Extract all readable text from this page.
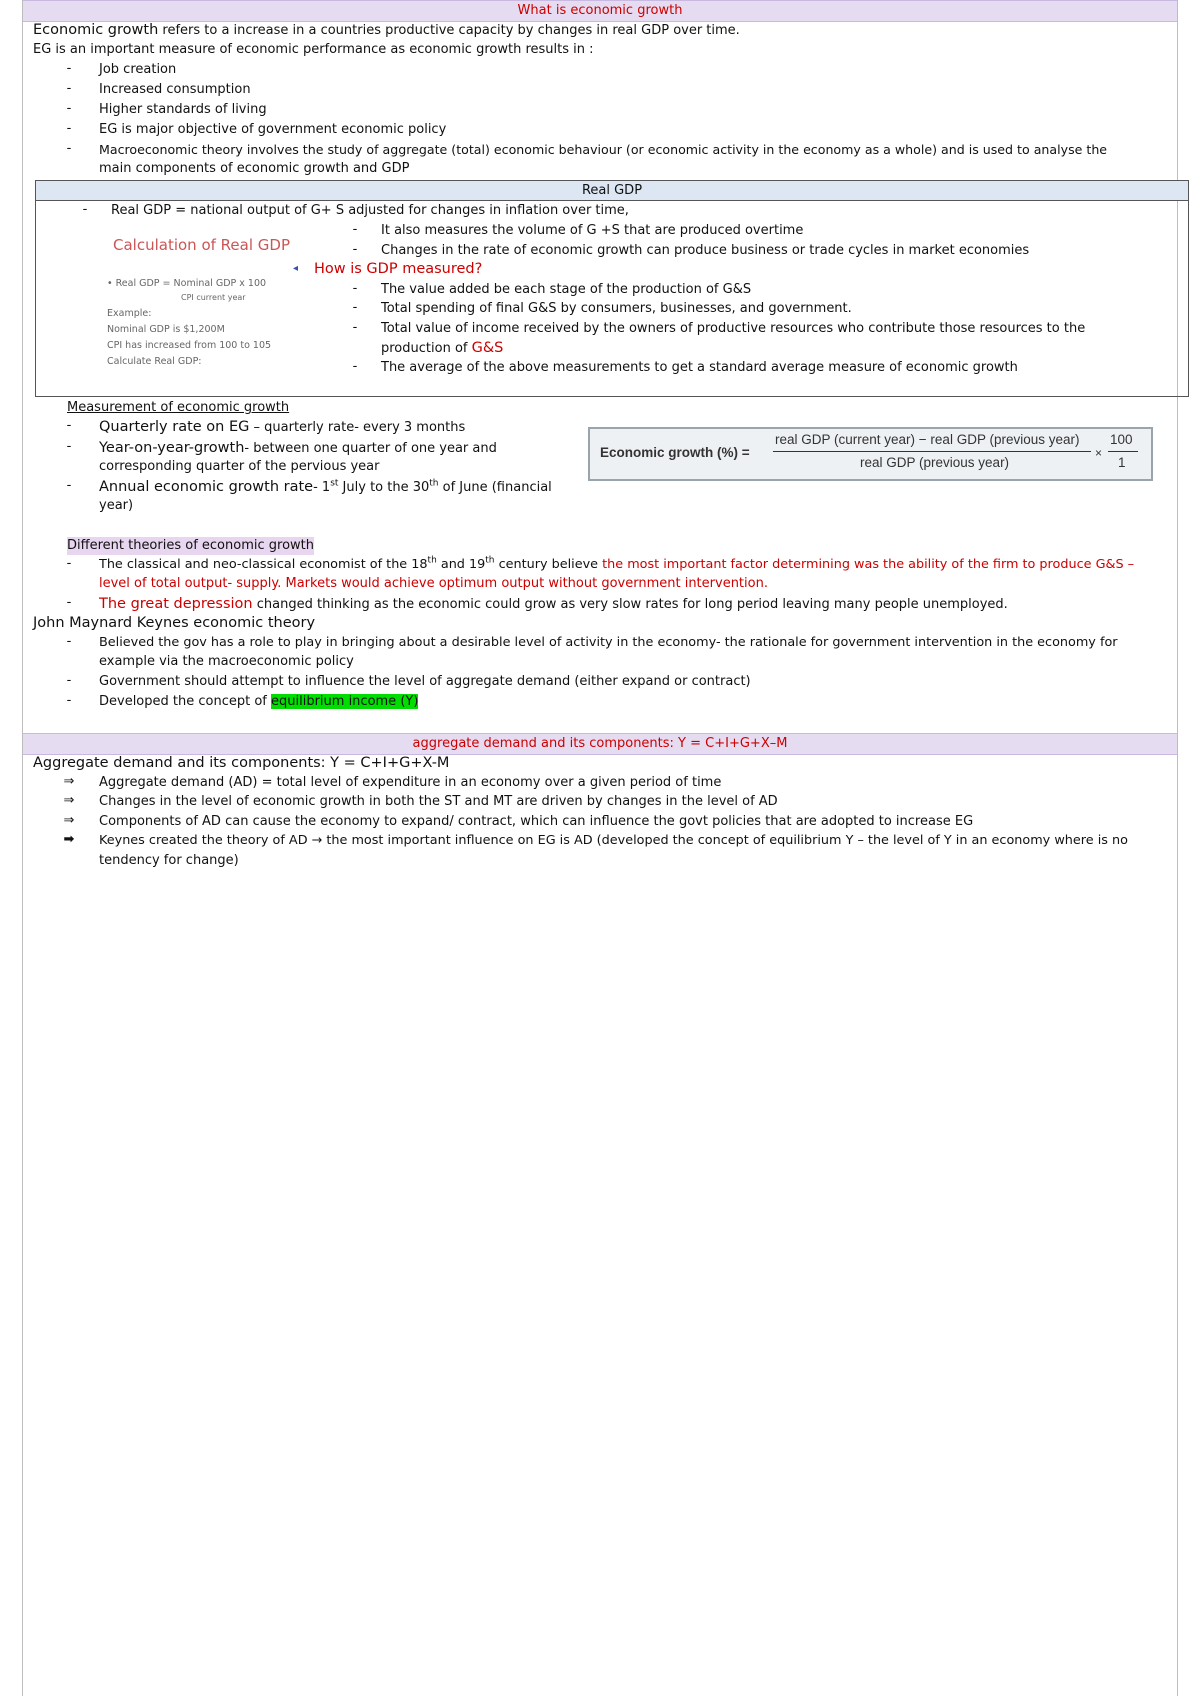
What is economic growth
Economic growth refers to a increase in a countries productive capacity by changes in real GDP over time.
EG is an important measure of economic performance as economic growth results in :
- Job creation
- Increased consumption
- Higher standards of living
- EG is major objective of government economic policy
- Macroeconomic theory involves the study of aggregate (total) economic behaviour (or economic activity in the economy as a whole) and is used to analyse the
main components of economic growth and GDP
Real GDP
- Real GDP = national output of G+ S adjusted for changes in inflation over time,
- It also measures the volume of G +S that are produced overtime
- Changes in the rate of economic growth can produce business or trade cycles in market economies
◂ How is GDP measured?
- The value added be each stage of the production of G&S
- Total spending of final G&S by consumers, businesses, and government.
- Total value of income received by the owners of productive resources who contribute those resources to the
production of G&S
- The average of the above measurements to get a standard average measure of economic growth
Calculation of Real GDP
• Real GDP = Nominal GDP x 100
CPI current year
Example:
Nominal GDP is $1,200M
CPI has increased from 100 to 105
Calculate Real GDP:
Measurement of economic growth
- Quarterly rate on EG – quarterly rate- every 3 months
- Year-on-year-growth- between one quarter of one year and
corresponding quarter of the pervious year
- Annual economic growth rate- 1st July to the 30th of June (financial
year)
Economic growth (%) =
real GDP (current year) − real GDP (previous year)
real GDP (previous year)
×
100
1
Different theories of economic growth
- The classical and neo-classical economist of the 18th and 19th century believe the most important factor determining was the ability of the firm to produce G&S –
level of total output- supply. Markets would achieve optimum output without government intervention.
- The great depression changed thinking as the economic could grow as very slow rates for long period leaving many people unemployed.
John Maynard Keynes economic theory
- Believed the gov has a role to play in bringing about a desirable level of activity in the economy- the rationale for government intervention in the economy for
example via the macroeconomic policy
- Government should attempt to influence the level of aggregate demand (either expand or contract)
- Developed the concept of equilibrium income (Y)
aggregate demand and its components: Y = C+I+G+X–M
Aggregate demand and its components: Y = C+I+G+X-M
⇒ Aggregate demand (AD) = total level of expenditure in an economy over a given period of time
⇒ Changes in the level of economic growth in both the ST and MT are driven by changes in the level of AD
⇒ Components of AD can cause the economy to expand/ contract, which can influence the govt policies that are adopted to increase EG
➡ Keynes created the theory of AD → the most important influence on EG is AD (developed the concept of equilibrium Y – the level of Y in an economy where is no
tendency for change)
